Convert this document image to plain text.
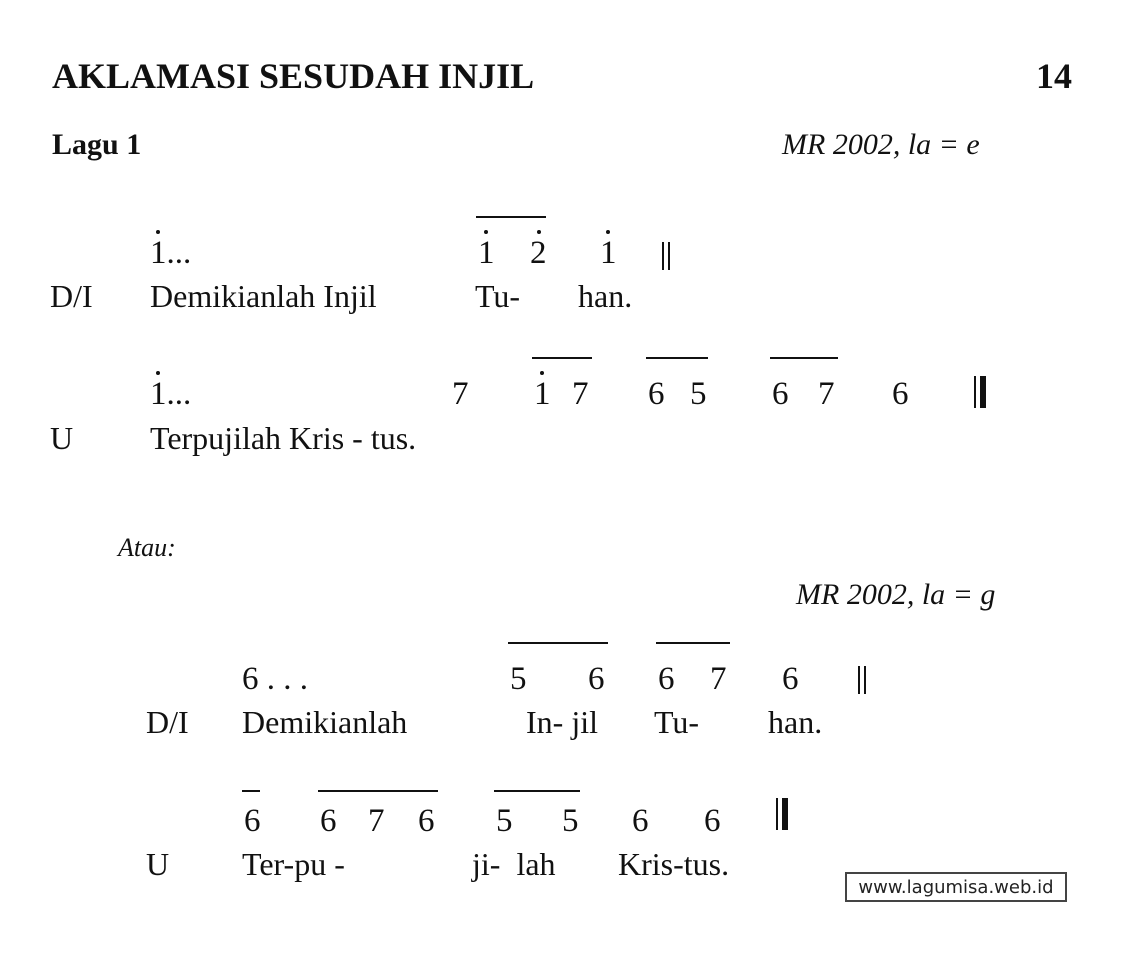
AKLAMASI SESUDAH INJIL	14
Lagu 1	MR 2002, la = e
1...	1 2 1
D/I Demikianlah Injil	Tu- han.
1...	7 1 7 6 5 6 7 6
U Terpujilah Kris - tus.
Atau:
MR 2002, la = g
6 . . .	5 6 6 7 6
D/I Demikianlah	In- jil Tu- han.
6 6 7 6 5 5 6 6
U Ter-pu -	ji-  lah Kris-tus.
www.lagumisa.web.id
